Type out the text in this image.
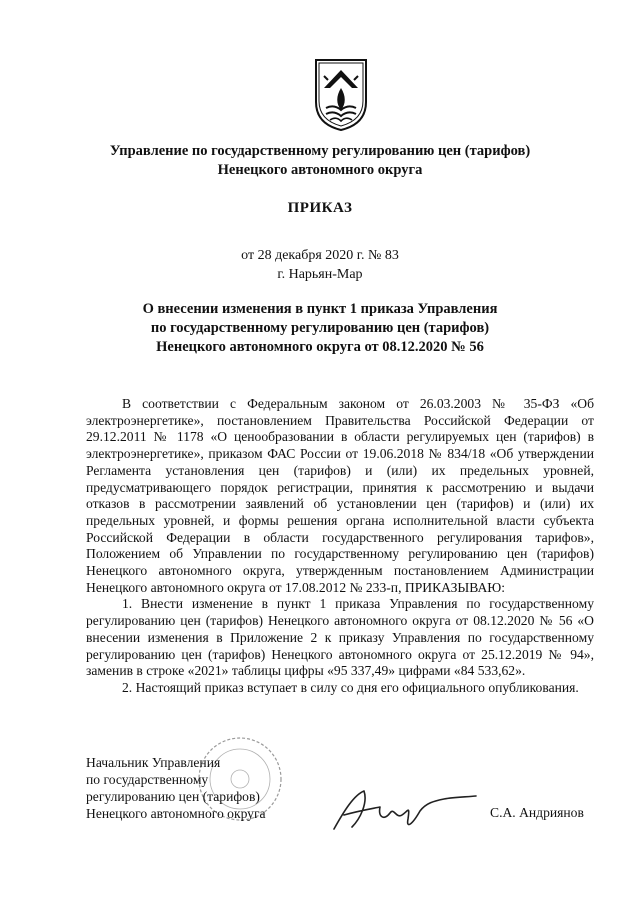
Управление по государственному регулированию цен (тарифов)
Ненецкого автономного округа
ПРИКАЗ
от 28 декабря 2020 г. № 83
г. Нарьян-Мар
О внесении изменения в пункт 1 приказа Управления
по государственному регулированию цен (тарифов)
Ненецкого автономного округа от 08.12.2020 № 56

В соответствии с Федеральным законом от 26.03.2003 № 35-ФЗ «Об электроэнергетике», постановлением Правительства Российской Федерации от 29.12.2011 № 1178 «О ценообразовании в области регулируемых цен (тарифов) в электроэнергетике», приказом ФАС России от 19.06.2018 № 834/18 «Об утверждении Регламента установления цен (тарифов) и (или) их предельных уровней, предусматривающего порядок регистрации, принятия к рассмотрению и выдачи отказов в рассмотрении заявлений об установлении цен (тарифов) и (или) их предельных уровней, и формы решения органа исполнительной власти субъекта Российской Федерации в области государственного регулирования тарифов», Положением об Управлении по государственному регулированию цен (тарифов) Ненецкого автономного округа, утвержденным постановлением Администрации Ненецкого автономного округа от 17.08.2012 № 233-п, ПРИКАЗЫВАЮ:

1. Внести изменение в пункт 1 приказа Управления по государственному регулированию цен (тарифов) Ненецкого автономного округа от 08.12.2020 № 56 «О внесении изменения в Приложение 2 к приказу Управления по государственному регулированию цен (тарифов) Ненецкого автономного округа от 25.12.2019 № 94», заменив в строке «2021» таблицы цифры «95 337,49» цифрами «84 533,62».

2. Настоящий приказ вступает в силу со дня его официального опубликования.

Начальник Управления
по государственному
регулированию цен (тарифов)
Ненецкого автономного округа	С.А. Андриянов
